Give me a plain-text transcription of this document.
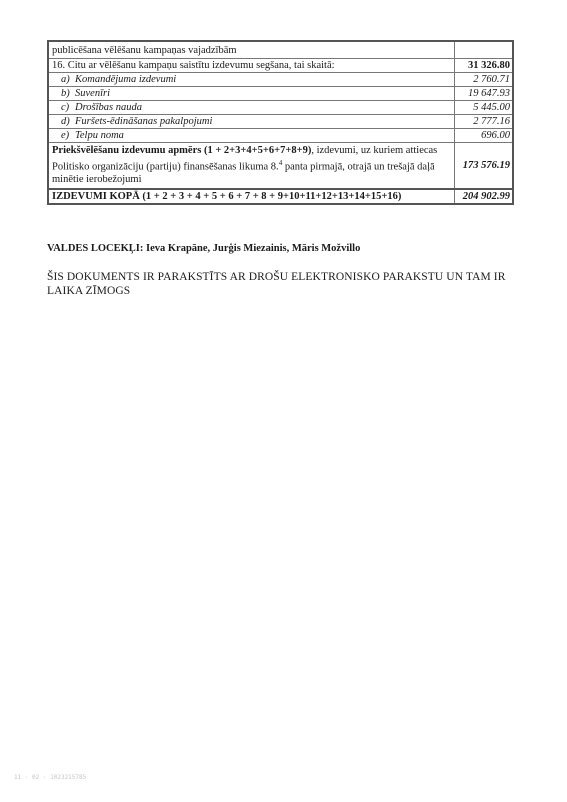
publicēšana vēlēšanu kampaņas vajadzībām	
16. Citu ar vēlēšanu kampaņu saistītu izdevumu segšana, tai skaitā:	31 326.80
a) Komandējuma izdevumi	2 760.71
b) Suvenīri	19 647.93
c) Drošības nauda	5 445.00
d) Furšets-ēdināšanas pakalpojumi	2 777.16
e) Telpu noma	696.00
Priekšvēlēšanu izdevumu apmērs (1 + 2+3+4+5+6+7+8+9), izdevumi, uz kuriem attiecas Politisko organizāciju (partiju) finansēšanas likuma 8.$^4$ panta pirmajā, otrajā un trešajā daļā minētie ierobežojumi	173 576.19
IZDEVUMI KOPĀ (1 + 2 + 3 + 4 + 5 + 6 + 7 + 8 + 9+10+11+12+13+14+15+16)	204 902.99
VALDES LOCEKĻI: Ieva Krapāne, Jurģis Miezainis, Māris Možvillo
ŠIS DOKUMENTS IR PARAKSTĪTS AR DROŠU ELEKTRONISKO PARAKSTU UN TAM IR LAIKA ZĪMOGS
11 · 02 · 1023215785
